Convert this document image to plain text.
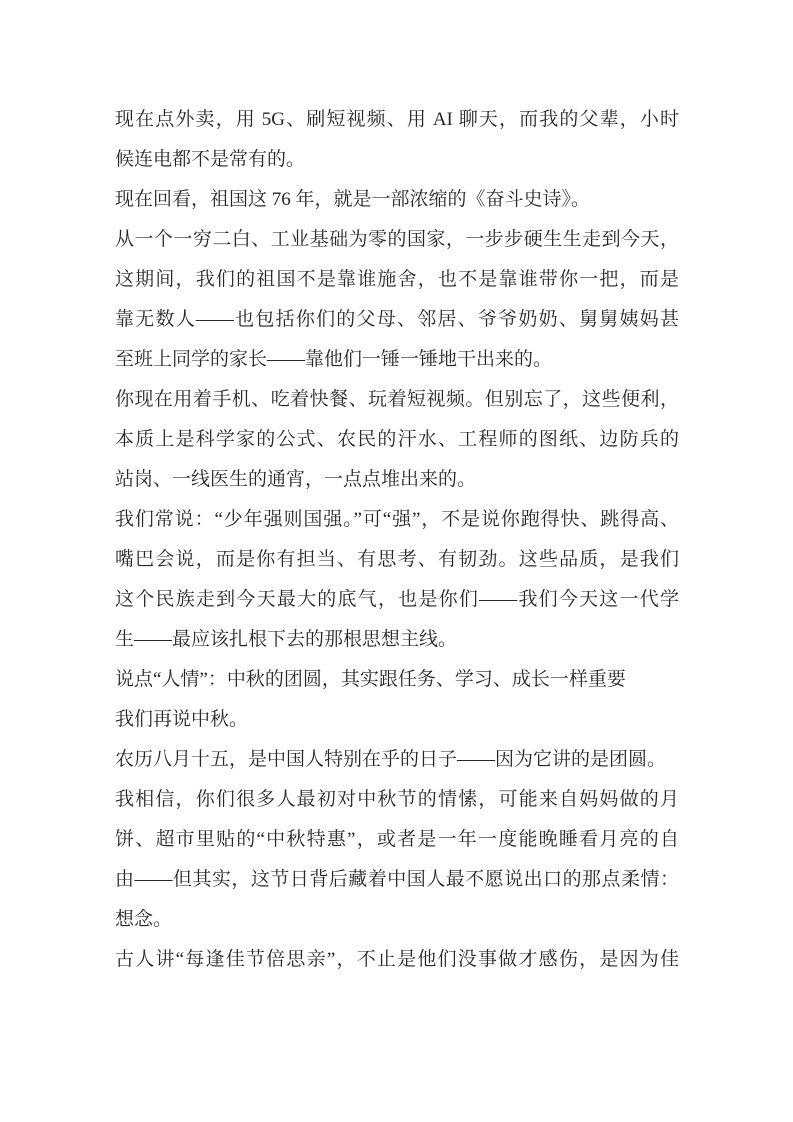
现在点外卖，用 5G、刷短视频、用 AI 聊天，而我的父辈，小时
候连电都不是常有的。
现在回看，祖国这 76 年，就是一部浓缩的《奋斗史诗》。
从一个一穷二白、工业基础为零的国家，一步步硬生生走到今天，
这期间，我们的祖国不是靠谁施舍，也不是靠谁带你一把，而是
靠无数人——也包括你们的父母、邻居、爷爷奶奶、舅舅姨妈甚
至班上同学的家长——靠他们一锤一锤地干出来的。
你现在用着手机、吃着快餐、玩着短视频。但别忘了，这些便利，
本质上是科学家的公式、农民的汗水、工程师的图纸、边防兵的
站岗、一线医生的通宵，一点点堆出来的。
我们常说：“少年强则国强。”可“强”，不是说你跑得快、跳得高、
嘴巴会说，而是你有担当、有思考、有韧劲。这些品质，是我们
这个民族走到今天最大的底气，也是你们——我们今天这一代学
生——最应该扎根下去的那根思想主线。
说点“人情”：中秋的团圆，其实跟任务、学习、成长一样重要
我们再说中秋。
农历八月十五，是中国人特别在乎的日子——因为它讲的是团圆。
我相信，你们很多人最初对中秋节的情愫，可能来自妈妈做的月
饼、超市里贴的“中秋特惠”，或者是一年一度能晚睡看月亮的自
由——但其实，这节日背后藏着中国人最不愿说出口的那点柔情：
想念。
古人讲“每逢佳节倍思亲”，不止是他们没事做才感伤，是因为佳
